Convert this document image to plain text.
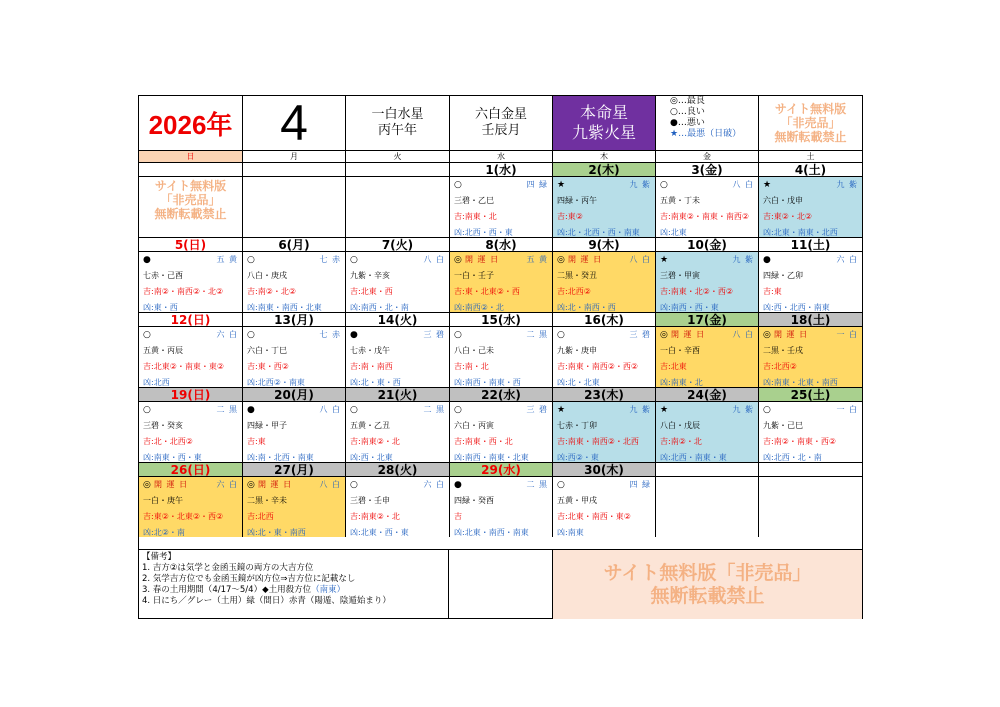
2026年 4	一白水星
丙午年
六白金星
壬辰月
本命星
九紫火星
◎…最良
○…良い
●…悪い
★…最悪（日破）
サイト無料版
「非売品」
無断転載禁止
日	月	火	水	木	金	土
1(水)	2(木)	3(金)	4(土)
○	四 緑
三碧・乙巳
吉:南東・北
凶:北西・西・東
★	九 紫
四緑・丙午
吉:東②
凶:北・北西・西・南東
○	八 白
五黄・丁未
吉:南東②・南東・南西②
凶:北東
★	九 紫
六白・戊申
吉:東②・北②
凶:北東・南東・北西
5(日)	6(月)	7(火)	8(水)	9(木)	10(金)	11(土)
●	五 黄
七赤・己酉
吉:南②・南西②・北②
凶:東・西
○	七 赤
八白・庚戌
吉:南②・北②
凶:南東・南西・北東
○	八 白
九紫・辛亥
吉:北東・西
凶:南西・北・南
◎ 開 運 日	五 黄
一白・壬子
吉:東・北東②・西
凶:南西②・北
◎ 開 運 日	八 白
二黒・癸丑
吉:北西②
凶:北・南西・西
★	九 紫
三碧・甲寅
吉:南東・北②・西②
凶:南西・西・東
●	六 白
四緑・乙卯
吉:東
凶:西・北西・南東
12(日)	13(月)	14(火)	15(水)	16(木)	17(金)	18(土)
○	六 白
五黄・丙辰
吉:北東②・南東・東②
凶:北西
○	七 赤
六白・丁巳
吉:東・西②
凶:北西②・南東
●	三 碧
七赤・戊午
吉:南・南西
凶:北・東・西
○	二 黒
八白・己未
吉:南・北
凶:南西・南東・西
○	三 碧
九紫・庚申
吉:南東・南西②・西②
凶:北・北東
◎ 開 運 日	八 白
一白・辛酉
吉:北東
凶:南東・北
◎ 開 運 日	一 白
二黒・壬戌
吉:北西②
凶:南東・北東・南西
19(日)	20(月)	21(火)	22(水)	23(木)	24(金)	25(土)
○	二 黒
三碧・癸亥
吉:北・北西②
凶:南東・西・東
●	八 白
四緑・甲子
吉:東
凶:南・北西・南東
○	二 黒
五黄・乙丑
吉:南東②・北
凶:西・北東
○	三 碧
六白・丙寅
吉:南東・西・北
凶:南西・南東・北東
★	九 紫
七赤・丁卯
吉:南東・南西②・北西
凶:西②・東
★	九 紫
八白・戊辰
吉:南②・北
凶:北西・南東・東
○	一 白
九紫・己巳
吉:南②・南東・西②
凶:北西・北・南
26(日)	27(月)	28(火)	29(水)	30(木)
◎ 開 運 日	六 白
一白・庚午
吉:東②・北東②・西②
凶:北②・南
◎ 開 運 日	八 白
二黒・辛未
吉:北西
凶:北・東・南西
○	六 白
三碧・壬申
吉:南東②・北
凶:北東・西・東
●	二 黒
四緑・癸酉
吉
凶:北東・南西・南東
○	四 緑
五黄・甲戌
吉:北東・南西・東②
凶:南東
サイト無料版
「非売品」
無断転載禁止
【備考】
1. 吉方②は気学と金函玉鏡の両方の大吉方位
2. 気学吉方位でも金函玉鏡が凶方位⇒吉方位に記載なし
3. 春の土用期間（4/17～5/4）◆土用殺方位（南東）
4. 日にち／グレー（土用）緑（間日）赤青（陽遁、陰遁始まり）
サイト無料版「非売品」
無断転載禁止
